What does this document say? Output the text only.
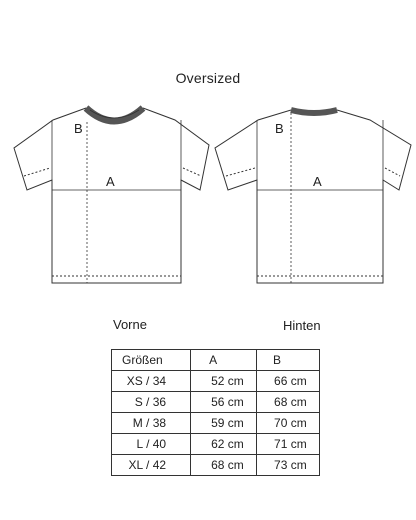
Oversized
B
A
B
A
Vorne	Hinten
Größen	A	B
XS / 34	52 cm	66 cm
S / 36	56 cm	68 cm
M / 38	59 cm	70 cm
L / 40	62 cm	71 cm
XL / 42	68 cm	73 cm
